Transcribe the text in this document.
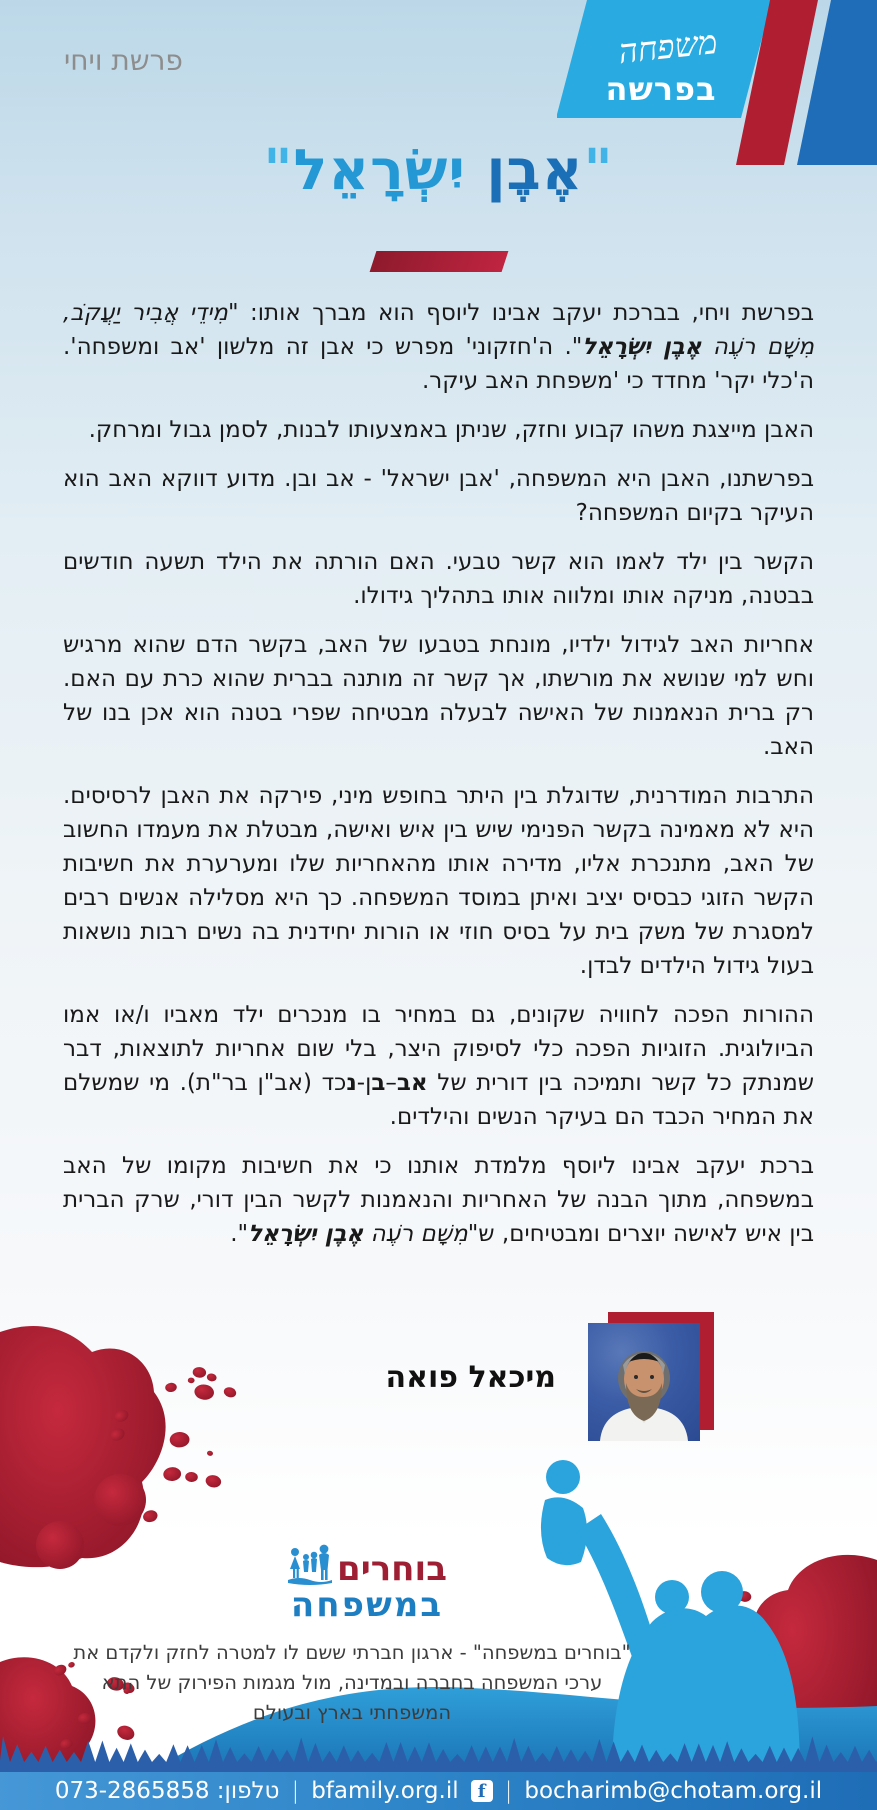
משפחה
בפרשה
פרשת ויחי
"אֶבֶן יִשְׂרָאֵל"

בפרשת ויחי, בברכת יעקב אבינו ליוסף הוא מברך אותו: "מִידֵי אֲבִיר יַעֲקֹב, מִשָּׁם רֹעֶה אֶבֶן יִשְׂרָאֵל". ה'חזקוני' מפרש כי אבן זה מלשון 'אב ומשפחה'. ה'כלי יקר' מחדד כי 'משפחת האב עיקר.

האבן מייצגת משהו קבוע וחזק, שניתן באמצעותו לבנות, לסמן גבול ומרחק.

בפרשתנו, האבן היא המשפחה, 'אבן ישראל' - אב ובן. מדוע דווקא האב הוא העיקר בקיום המשפחה?

הקשר בין ילד לאמו הוא קשר טבעי. האם הורתה את הילד תשעה חודשים בבטנה, מניקה אותו ומלווה אותו בתהליך גידולו.

אחריות האב לגידול ילדיו, מונחת בטבעו של האב, בקשר הדם שהוא מרגיש וחש למי שנושא את מורשתו, אך קשר זה מותנה בברית שהוא כרת עם האם. רק ברית הנאמנות של האישה לבעלה מבטיחה שפרי בטנה הוא אכן בנו של האב.

התרבות המודרנית, שדוגלת בין היתר בחופש מיני, פירקה את האבן לרסיסים. היא לא מאמינה בקשר הפנימי שיש בין איש ואישה, מבטלת את מעמדו החשוב של האב, מתנכרת אליו, מדירה אותו מהאחריות שלו ומערערת את חשיבות הקשר הזוגי כבסיס יציב ואיתן במוסד המשפחה. כך היא מסלילה אנשים רבים למסגרת של משק בית על בסיס חוזי או הורות יחידנית בה נשים רבות נושאות בעול גידול הילדים לבדן.

ההורות הפכה לחוויה שקונים, גם במחיר בו מנכרים ילד מאביו ו/או אמו הביולוגית. הזוגיות הפכה כלי לסיפוק היצר, בלי שום אחריות לתוצאות, דבר שמנתק כל קשר ותמיכה בין דורית של אב–בן-נכד (אב"ן בר"ת). מי שמשלם את המחיר הכבד הם בעיקר הנשים והילדים.

ברכת יעקב אבינו ליוסף מלמדת אותנו כי את חשיבות מקומו של האב במשפחה, מתוך הבנה של האחריות והנאמנות לקשר הבין דורי, שרק הברית בין איש לאישה יוצרים ומבטיחים, ש"מִשָּׁם רֹעֶה אֶבֶן יִשְׂרָאֵל".

מיכאל פואה
בוחרים
במשפחה
"בוחרים במשפחה" - ארגון חברתי ששם לו למטרה לחזק ולקדם את ערכי המשפחה בחברה ובמדינה, מול מגמות הפירוק של התא המשפחתי בארץ ובעולם
073-2865858 :טלפון | bfamily.org.il	f | bocharimb@chotam.org.il
